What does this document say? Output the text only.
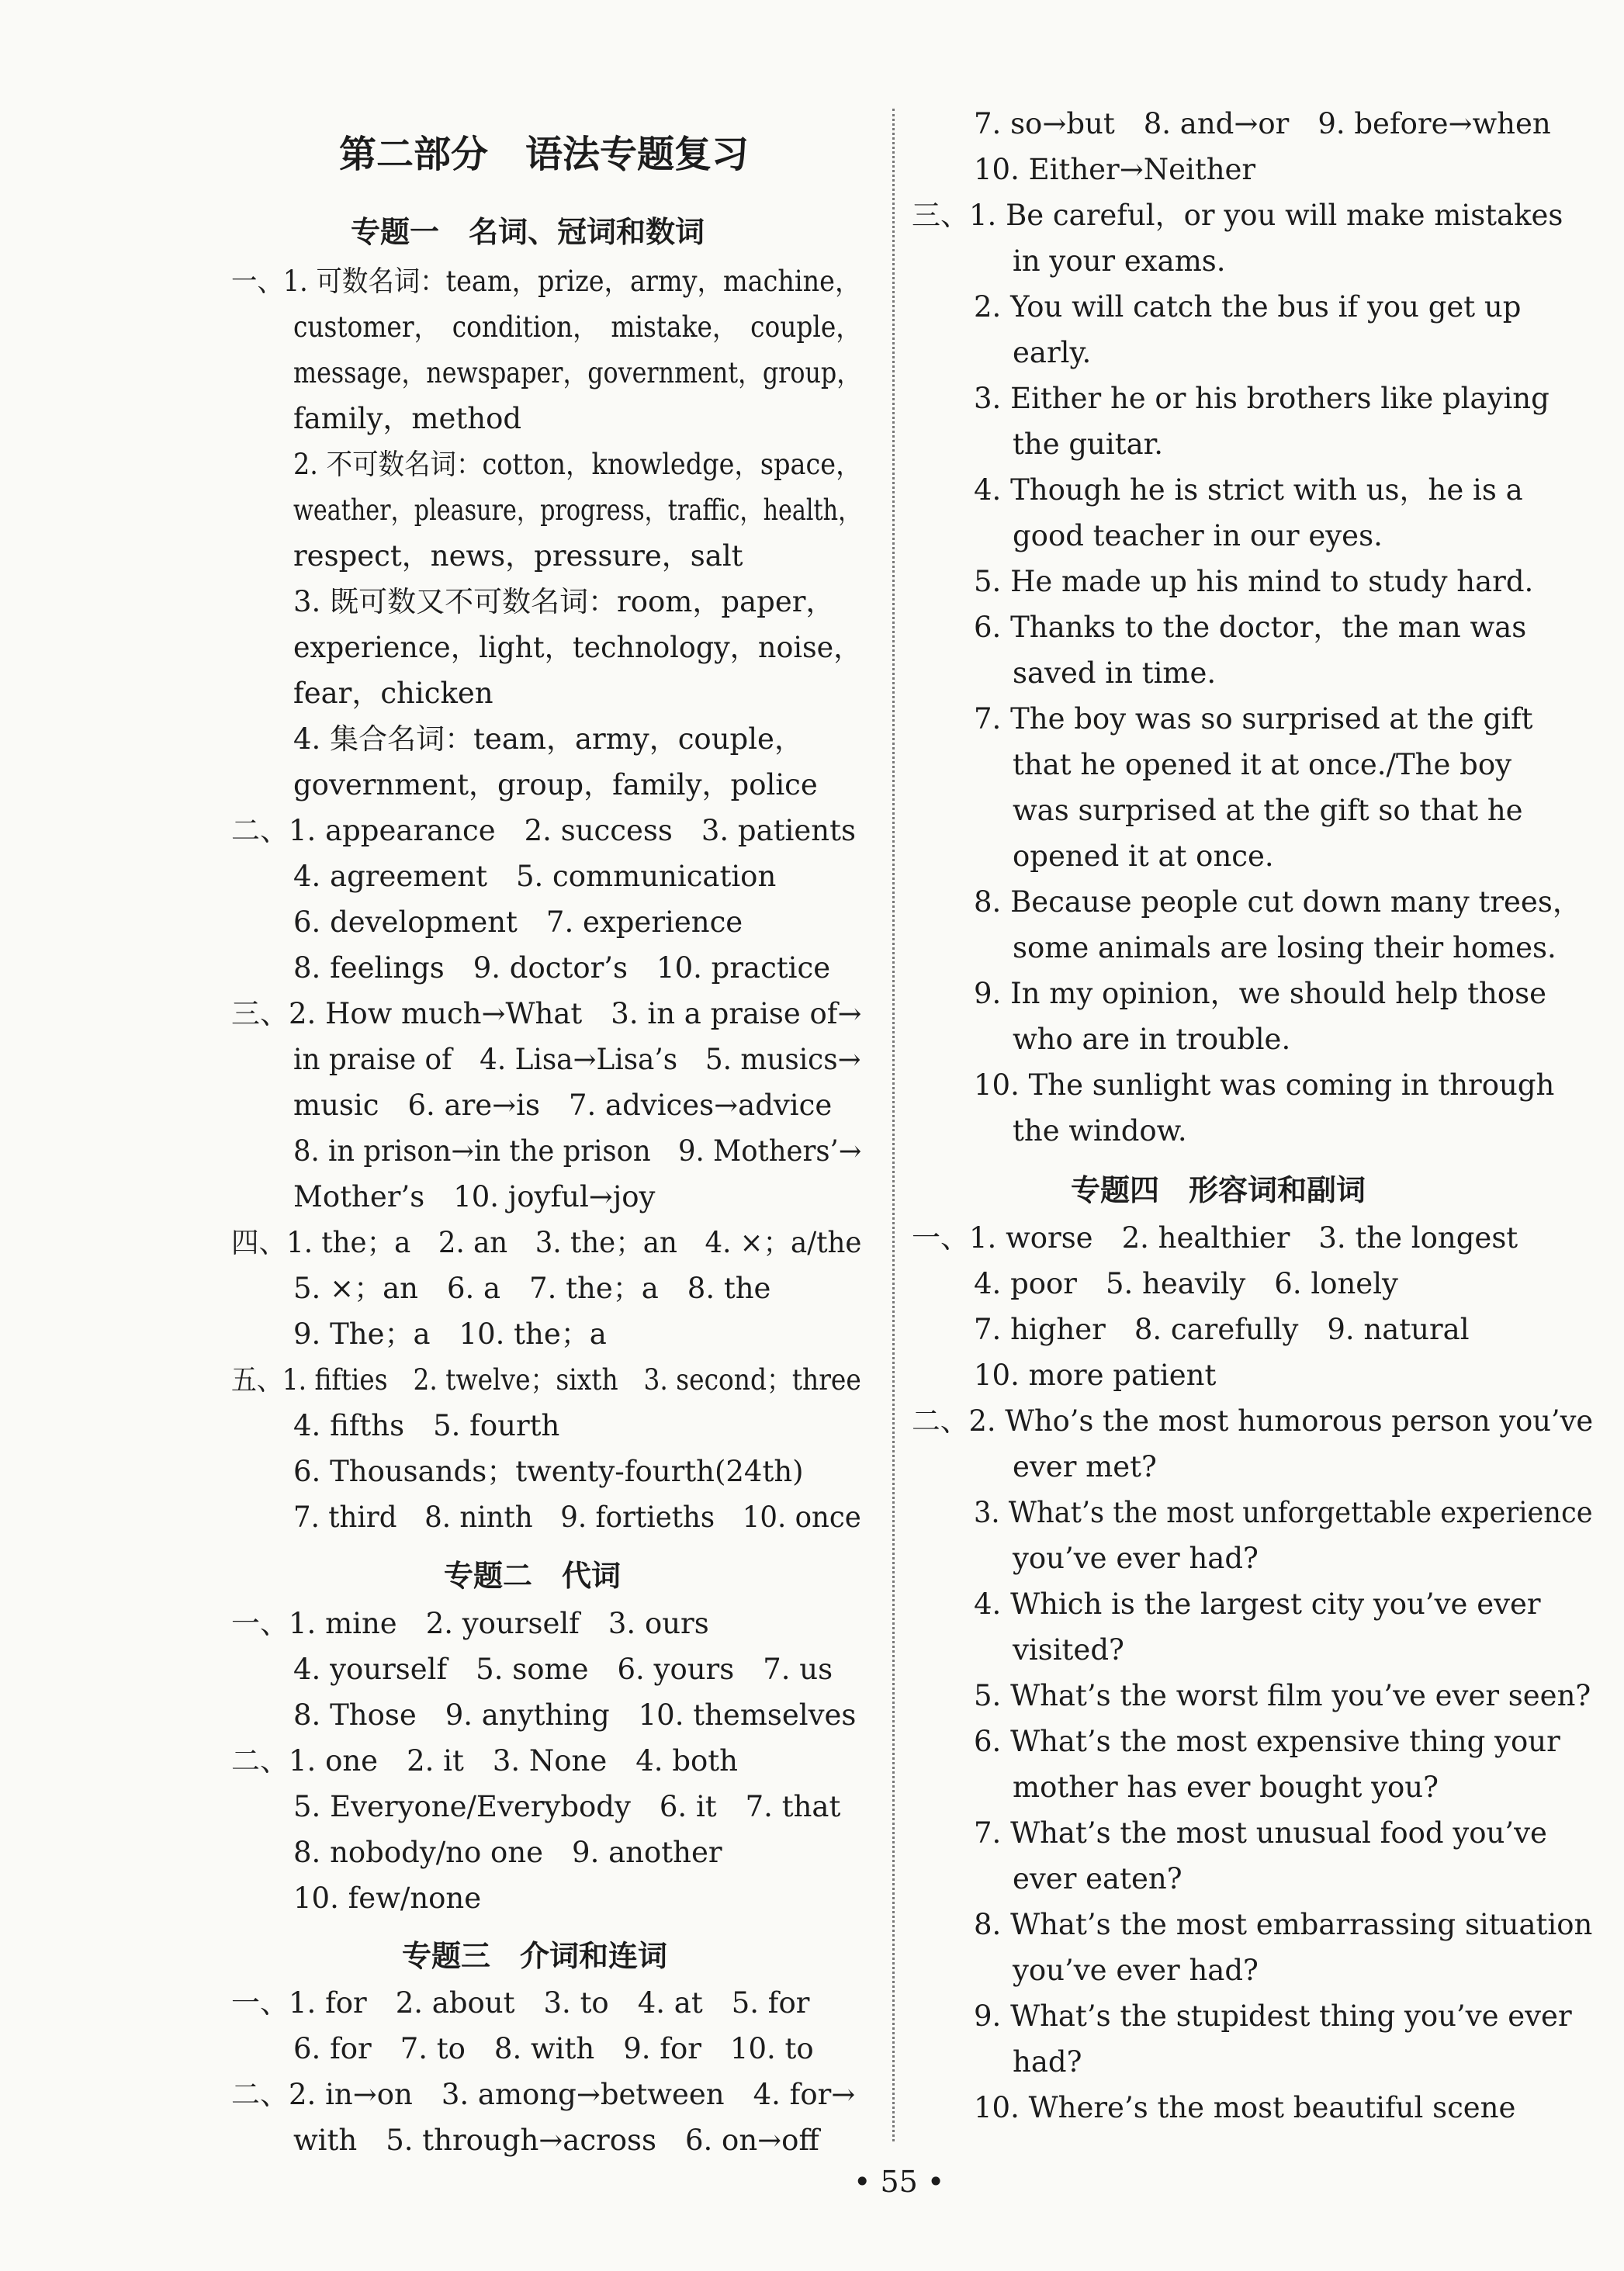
第二部分　语法专题复习
专题一　名词、冠词和数词
一、1. 可数名词：team，prize，army，machine，
customer，　condition，　mistake，　couple，
message，newspaper，government，group，
family，method
2. 不可数名词：cotton，knowledge，space，
weather，pleasure，progress，traffic，health，
respect，news，pressure，salt
3. 既可数又不可数名词：room，paper，
experience，light，technology，noise，
fear，chicken
4. 集合名词：team，army，couple，
government，group，family，police
二、1. appearance　2. success　3. patients
4. agreement　5. communication
6. development　7. experience
8. feelings　9. doctor’s　10. practice
三、2. How much→What　3. in a praise of→
in praise of　4. Lisa→Lisa’s　5. musics→
music　6. are→is　7. advices→advice
8. in prison→in the prison　9. Mothers’→
Mother’s　10. joyful→joy
四、1. the；a　2. an　3. the；an　4. ×；a/the
5. ×；an　6. a　7. the；a　8. the
9. The；a　10. the；a
五、1. fifties　2. twelve；sixth　3. second；three
4. fifths　5. fourth
6. Thousands；twenty-fourth(24th)
7. third　8. ninth　9. fortieths　10. once
专题二　代词
一、1. mine　2. yourself　3. ours
4. yourself　5. some　6. yours　7. us
8. Those　9. anything　10. themselves
二、1. one　2. it　3. None　4. both
5. Everyone/Everybody　6. it　7. that
8. nobody/no one　9. another
10. few/none
专题三　介词和连词
一、1. for　2. about　3. to　4. at　5. for
6. for　7. to　8. with　9. for　10. to
二、2. in→on　3. among→between　4. for→
with　5. through→across　6. on→off
7. so→but　8. and→or　9. before→when
10. Either→Neither
三、1. Be careful，or you will make mistakes
in your exams.
2. You will catch the bus if you get up
early.
3. Either he or his brothers like playing
the guitar.
4. Though he is strict with us，he is a
good teacher in our eyes.
5. He made up his mind to study hard.
6. Thanks to the doctor，the man was
saved in time.
7. The boy was so surprised at the gift
that he opened it at once./The boy
was surprised at the gift so that he
opened it at once.
8. Because people cut down many trees，
some animals are losing their homes.
9. In my opinion，we should help those
who are in trouble.
10. The sunlight was coming in through
the window.
专题四　形容词和副词
一、1. worse　2. healthier　3. the longest
4. poor　5. heavily　6. lonely
7. higher　8. carefully　9. natural
10. more patient
二、2. Who’s the most humorous person you’ve
ever met?
3. What’s the most unforgettable experience
you’ve ever had?
4. Which is the largest city you’ve ever
visited?
5. What’s the worst film you’ve ever seen?
6. What’s the most expensive thing your
mother has ever bought you?
7. What’s the most unusual food you’ve
ever eaten?
8. What’s the most embarrassing situation
you’ve ever had?
9. What’s the stupidest thing you’ve ever
had?
10. Where’s the most beautiful scene
• 55 •
